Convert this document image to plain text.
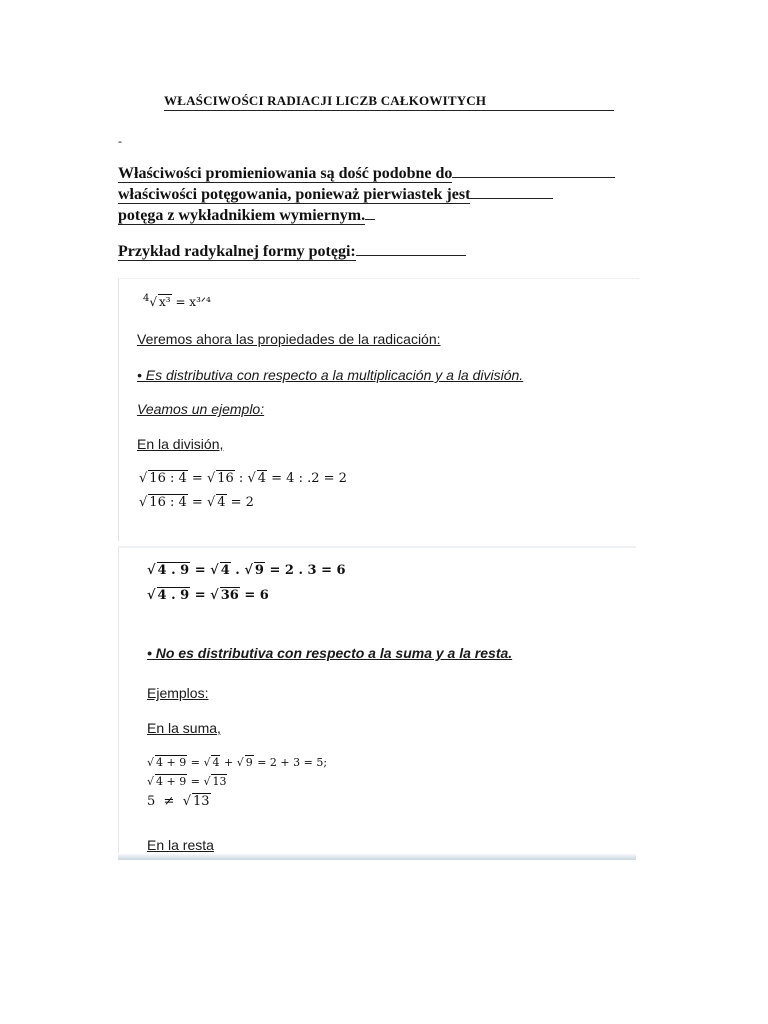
WŁAŚCIWOŚCI RADIACJI LICZB CAŁKOWITYCH
-
Właściwości promieniowania są dość podobne do
właściwości potęgowania, ponieważ pierwiastek jest
potęga z wykładnikiem wymiernym.
Przykład radykalnej formy potęgi:
$^4$√ x³ = x³ᐟ⁴
Veremos ahora las propiedades de la radicación:
• Es distributiva con respecto a la multiplicación y a la división.
Veamos un ejemplo:
En la división,
√ 16 : 4 = √ 16 : √ 4 = 4 : .2 = 2
√ 16 : 4 = √ 4 = 2
√ 4 . 9 = √ 4 . √ 9 = 2 . 3 = 6
√ 4 . 9 = √ 36 = 6
• No es distributiva con respecto a la suma y a la resta.
Ejemplos:
En la suma,
√ 4 + 9 = √ 4 + √ 9 = 2 + 3 = 5;
√ 4 + 9 = √ 13
5 ≠  √ 13
En la resta
